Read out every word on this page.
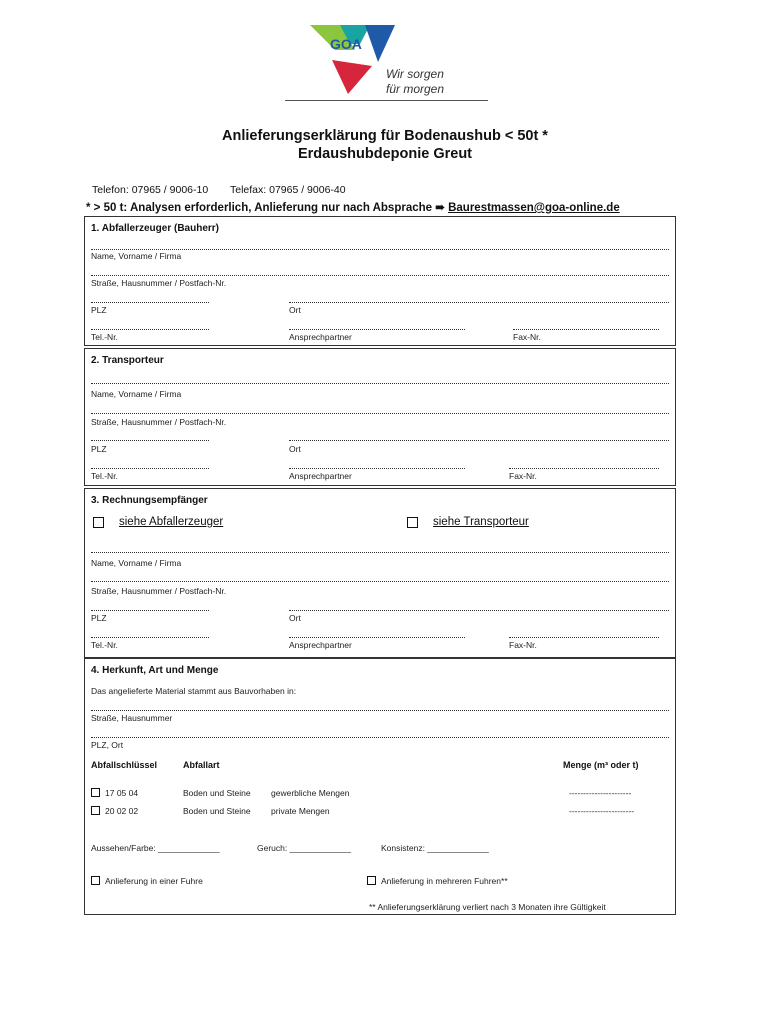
GOA
Wir sorgen
für morgen
Anlieferungserklärung für Bodenaushub < 50t *
Erdaushubdeponie Greut
Telefon: 07965 / 9006-10 Telefax: 07965 / 9006-40
* > 50 t: Analysen erforderlich, Anlieferung nur nach Absprache ➠ Baurestmassen@goa-online.de
1. Abfallerzeuger (Bauherr)
Name, Vorname / Firma
Straße, Hausnummer / Postfach-Nr.
PLZ	Ort
Tel.-Nr.	Ansprechpartner	Fax-Nr.
2. Transporteur
Name, Vorname / Firma
Straße, Hausnummer / Postfach-Nr.
PLZ	Ort
Tel.-Nr.	Ansprechpartner	Fax-Nr.
3. Rechnungsempfänger
siehe Abfallerzeuger	siehe Transporteur
Name, Vorname / Firma
Straße, Hausnummer / Postfach-Nr.
PLZ	Ort
Tel.-Nr.	Ansprechpartner	Fax-Nr.
4. Herkunft, Art und Menge
Das angelieferte Material stammt aus Bauvorhaben in:
Straße, Hausnummer
PLZ, Ort
Abfallschlüssel	Abfallart	Menge (m³ oder t)
17 05 04	Boden und Steine gewerbliche Mengen	----------------------
20 02 02	Boden und Steine private Mengen	-----------------------
Aussehen/Farbe: _____________	Geruch: _____________	Konsistenz: _____________
Anlieferung in einer Fuhre	Anlieferung in mehreren Fuhren**
** Anlieferungserklärung verliert nach 3 Monaten ihre Gültigkeit
